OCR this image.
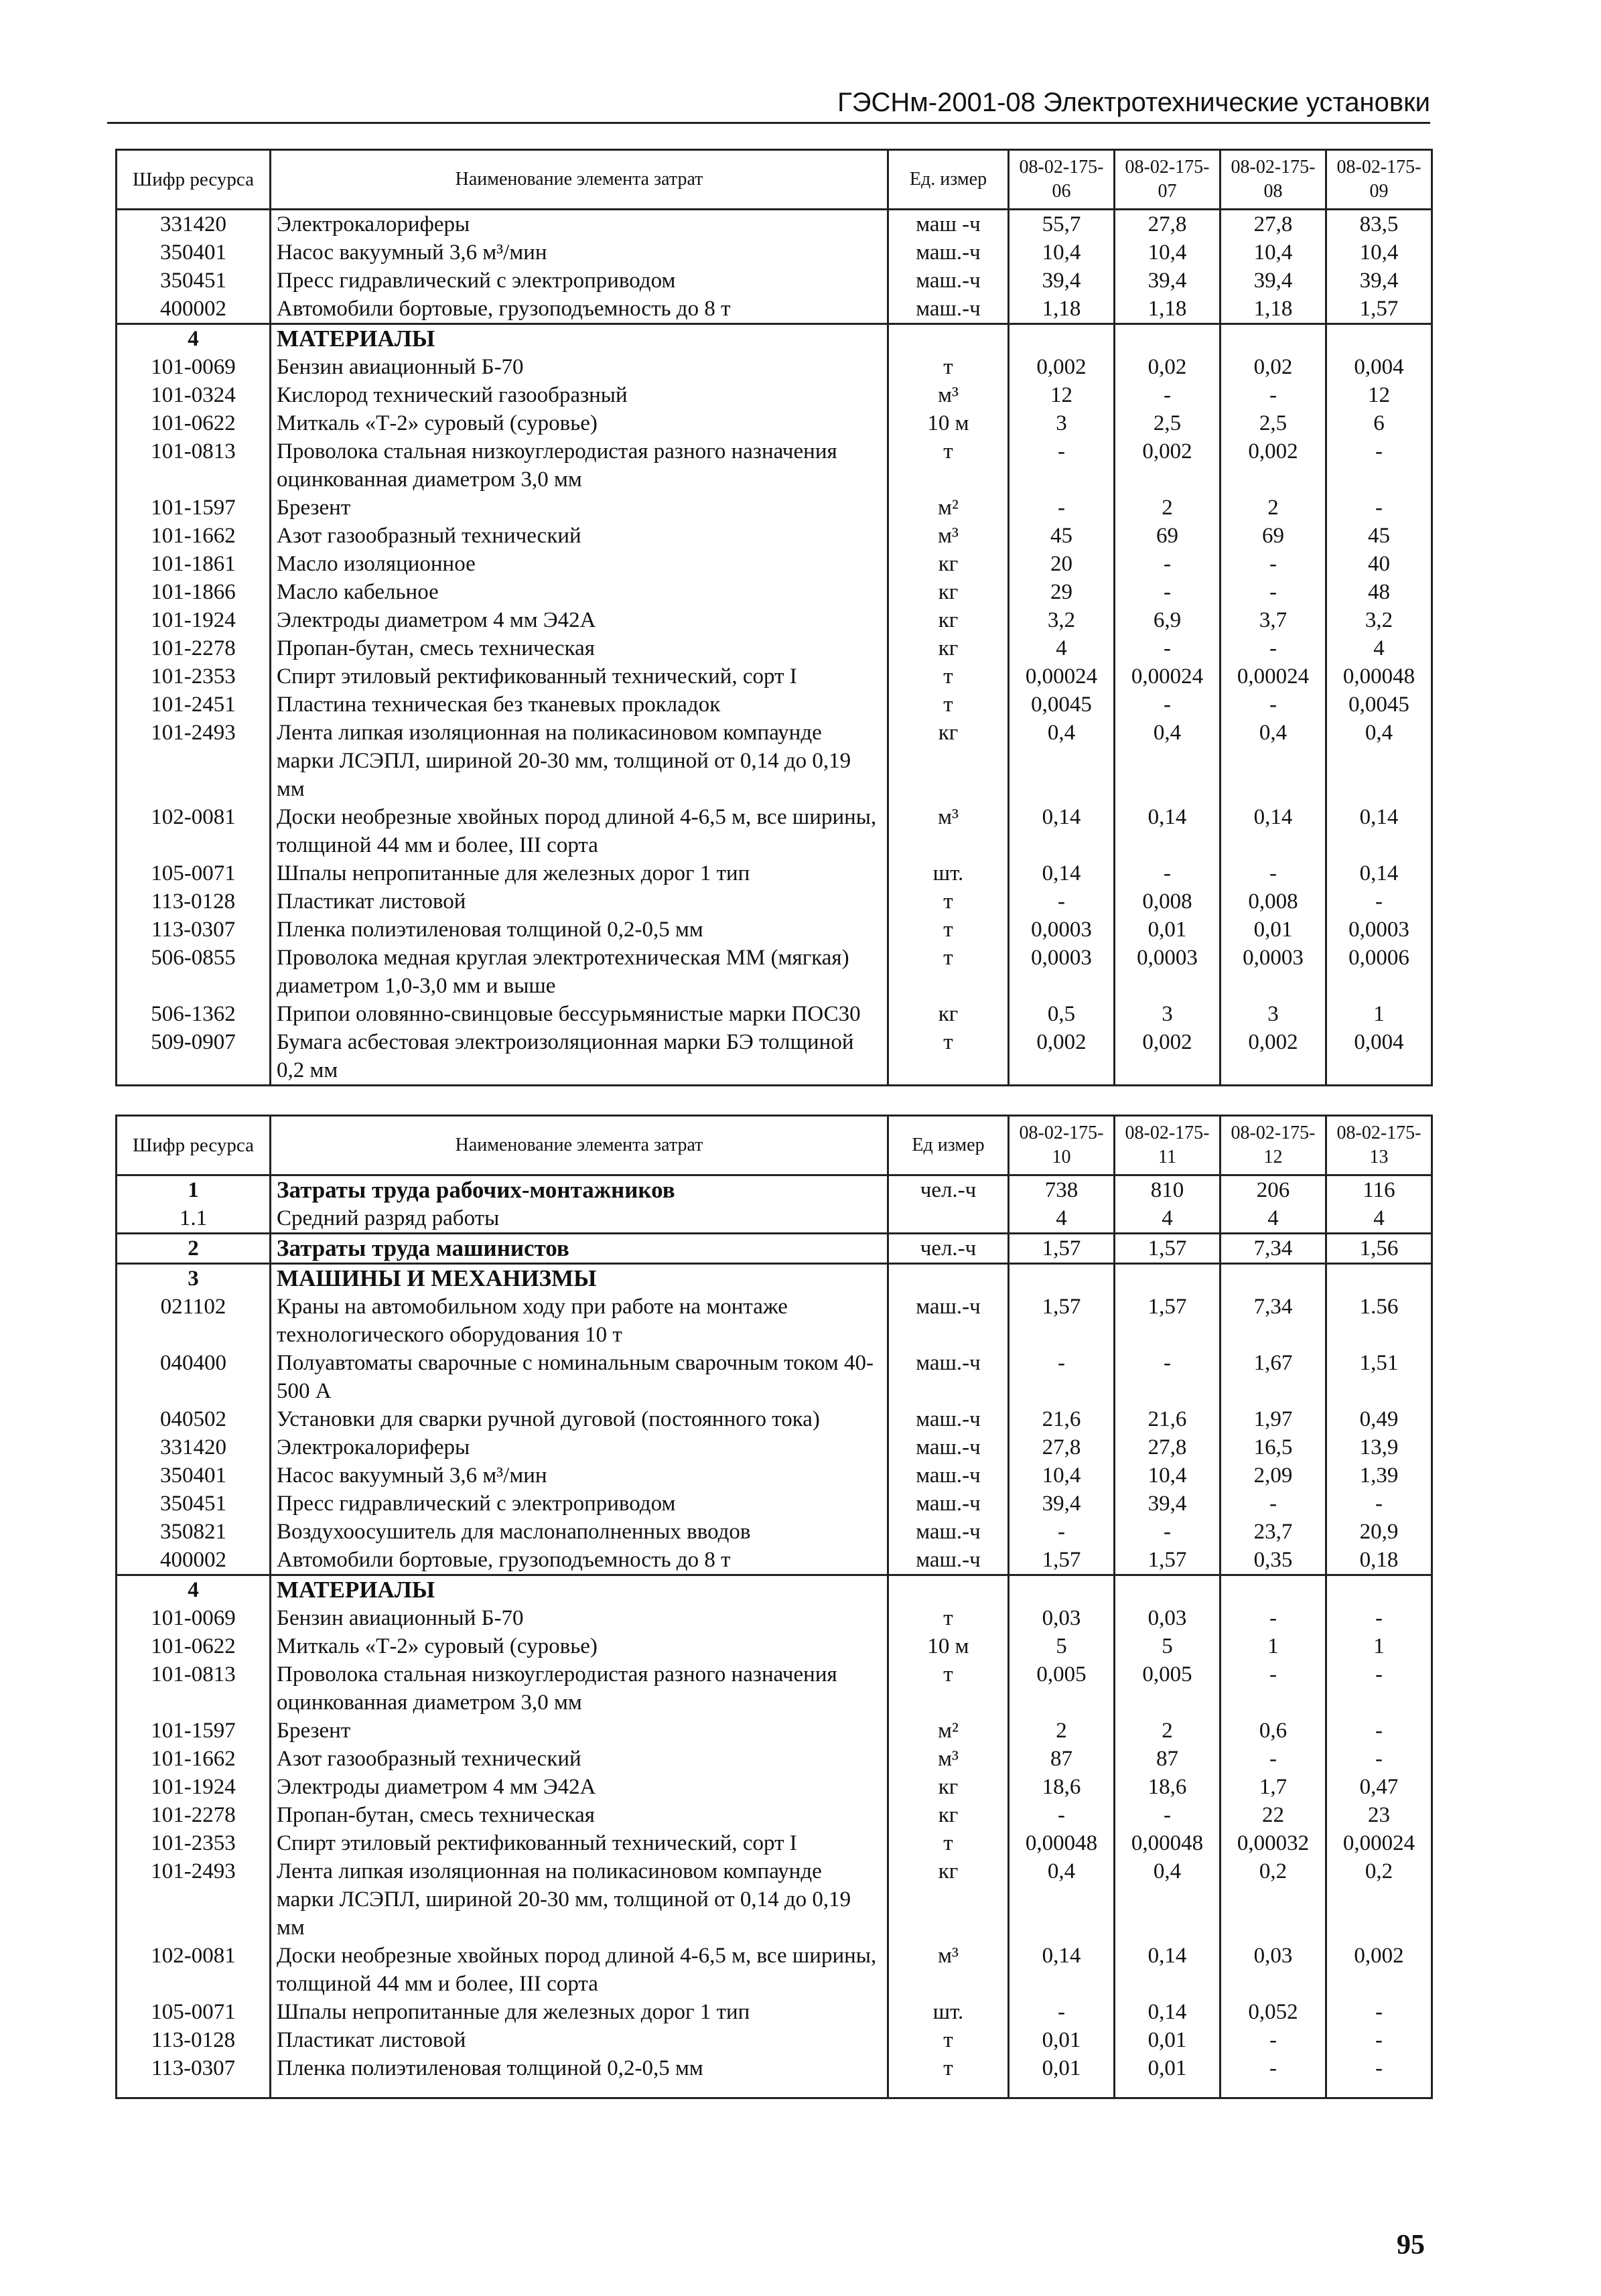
ГЭСНм-2001-08 Электротехнические установки
Шифр ресурса	Наименование элемента затрат	Ед. измер	08-02-175-06	08-02-175-07	08-02-175-08	08-02-175-09
331420	Электрокалориферы	маш -ч	55,7	27,8	27,8	83,5
350401	Насос вакуумный 3,6 м³/мин	маш.-ч	10,4	10,4	10,4	10,4
350451	Пресс гидравлический с электроприводом	маш.-ч	39,4	39,4	39,4	39,4
400002	Автомобили бортовые, грузоподъемность до 8 т	маш.-ч	1,18	1,18	1,18	1,57
4	МАТЕРИАЛЫ					
101-0069	Бензин авиационный Б-70	т	0,002	0,02	0,02	0,004
101-0324	Кислород технический газообразный	м³	12	-	-	12
101-0622	Миткаль «Т-2» суровый (суровье)	10 м	3	2,5	2,5	6
101-0813	Проволока стальная низкоуглеродистая разного назначения оцинкованная диаметром 3,0 мм	т	-	0,002	0,002	-
101-1597	Брезент	м²	-	2	2	-
101-1662	Азот газообразный технический	м³	45	69	69	45
101-1861	Масло изоляционное	кг	20	-	-	40
101-1866	Масло кабельное	кг	29	-	-	48
101-1924	Электроды диаметром 4 мм Э42А	кг	3,2	6,9	3,7	3,2
101-2278	Пропан-бутан, смесь техническая	кг	4	-	-	4
101-2353	Спирт этиловый ректификованный технический, сорт I	т	0,00024	0,00024	0,00024	0,00048
101-2451	Пластина техническая без тканевых прокладок	т	0,0045	-	-	0,0045
101-2493	Лента липкая изоляционная на поликасиновом компаунде марки ЛСЭПЛ, шириной 20-30 мм, толщиной от 0,14 до 0,19 мм	кг	0,4	0,4	0,4	0,4
102-0081	Доски необрезные хвойных пород длиной 4-6,5 м, все ширины, толщиной 44 мм и более, III сорта	м³	0,14	0,14	0,14	0,14
105-0071	Шпалы непропитанные для железных дорог 1 тип	шт.	0,14	-	-	0,14
113-0128	Пластикат листовой	т	-	0,008	0,008	-
113-0307	Пленка полиэтиленовая толщиной 0,2-0,5 мм	т	0,0003	0,01	0,01	0,0003
506-0855	Проволока медная круглая электротехническая ММ (мягкая) диаметром 1,0-3,0 мм и выше	т	0,0003	0,0003	0,0003	0,0006
506-1362	Припои оловянно-свинцовые бессурьмянистые марки ПОС30	кг	0,5	3	3	1
509-0907	Бумага асбестовая электроизоляционная марки БЭ толщиной 0,2 мм	т	0,002	0,002	0,002	0,004
Шифр ресурса	Наименование элемента затрат	Ед измер	08-02-175-10	08-02-175-11	08-02-175-12	08-02-175-13
1	Затраты труда рабочих-монтажников	чел.-ч	738	810	206	116
1.1	Средний разряд работы		4	4	4	4
2	Затраты труда машинистов	чел.-ч	1,57	1,57	7,34	1,56
3	МАШИНЫ И МЕХАНИЗМЫ					
021102	Краны на автомобильном ходу при работе на монтаже технологического оборудования 10 т	маш.-ч	1,57	1,57	7,34	1.56
040400	Полуавтоматы сварочные с номинальным сварочным током 40-500 А	маш.-ч	-	-	1,67	1,51
040502	Установки для сварки ручной дуговой (постоянного тока)	маш.-ч	21,6	21,6	1,97	0,49
331420	Электрокалориферы	маш.-ч	27,8	27,8	16,5	13,9
350401	Насос вакуумный 3,6 м³/мин	маш.-ч	10,4	10,4	2,09	1,39
350451	Пресс гидравлический с электроприводом	маш.-ч	39,4	39,4	-	-
350821	Воздухоосушитель для маслонаполненных вводов	маш.-ч	-	-	23,7	20,9
400002	Автомобили бортовые, грузоподъемность до 8 т	маш.-ч	1,57	1,57	0,35	0,18
4	МАТЕРИАЛЫ					
101-0069	Бензин авиационный Б-70	т	0,03	0,03	-	-
101-0622	Миткаль «Т-2» суровый (суровье)	10 м	5	5	1	1
101-0813	Проволока стальная низкоуглеродистая разного назначения оцинкованная диаметром 3,0 мм	т	0,005	0,005	-	-
101-1597	Брезент	м²	2	2	0,6	-
101-1662	Азот газообразный технический	м³	87	87	-	-
101-1924	Электроды диаметром 4 мм Э42А	кг	18,6	18,6	1,7	0,47
101-2278	Пропан-бутан, смесь техническая	кг	-	-	22	23
101-2353	Спирт этиловый ректификованный технический, сорт I	т	0,00048	0,00048	0,00032	0,00024
101-2493	Лента липкая изоляционная на поликасиновом компаунде марки ЛСЭПЛ, шириной 20-30 мм, толщиной от 0,14 до 0,19 мм	кг	0,4	0,4	0,2	0,2
102-0081	Доски необрезные хвойных пород длиной 4-6,5 м, все ширины, толщиной 44 мм и более, III сорта	м³	0,14	0,14	0,03	0,002
105-0071	Шпалы непропитанные для железных дорог 1 тип	шт.	-	0,14	0,052	-
113-0128	Пластикат листовой	т	0,01	0,01	-	-
113-0307	Пленка полиэтиленовая толщиной 0,2-0,5 мм	т	0,01	0,01	-	-
95
